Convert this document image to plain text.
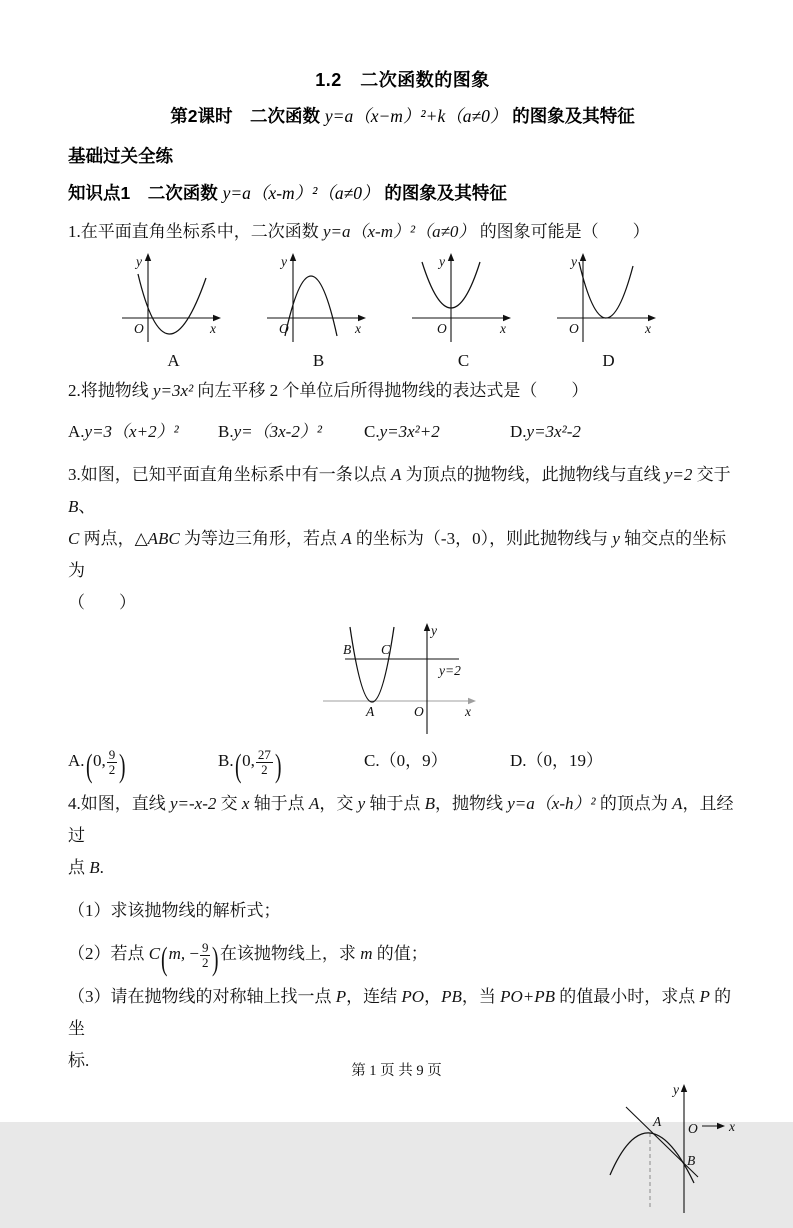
1.2　二次函数的图象
第2课时　二次函数 y=a（x−m）²+k（a≠0） 的图象及其特征
基础过关全练
知识点1　二次函数 y=a（x-m）²（a≠0） 的图象及其特征
1.在平面直角坐标系中，二次函数 y=a（x-m）²（a≠0） 的图象可能是（　　）
y
x
O
A
y
x
O
B
y
x
O
C
y
x
O
D
2.将抛物线 y=3x² 向左平移 2 个单位后所得抛物线的表达式是（　　）
A.y=3（x+2）²	B.y=（3x-2）²	C.y=3x²+2	D.y=3x²-2
3.如图，已知平面直角坐标系中有一条以点 A 为顶点的抛物线，此抛物线与直线 y=2 交于 B、
C 两点，△ABC 为等边三角形，若点 A 的坐标为（-3，0），则此抛物线与 y 轴交点的坐标为
（　　）
y
x
O
B C
A
y=2
A.(0, $\frac{9}{2}$ )	B.(0, $\frac{27}{2}$ )	C.（0，9）	D.（0，19）
4.如图，直线 y=-x-2 交 x 轴于点 A，交 y 轴于点 B，抛物线 y=a（x-h）² 的顶点为 A，且经过
点 B.
（1）求该抛物线的解析式；
（2）若点 C(m, − $\frac{9}{2}$ )在该抛物线上，求 m 的值；
（3）请在抛物线的对称轴上找一点 P，连结 PO，PB，当 PO+PB 的值最小时，求点 P 的坐
标.
y
x
O
A
B
第 1 页 共 9 页
